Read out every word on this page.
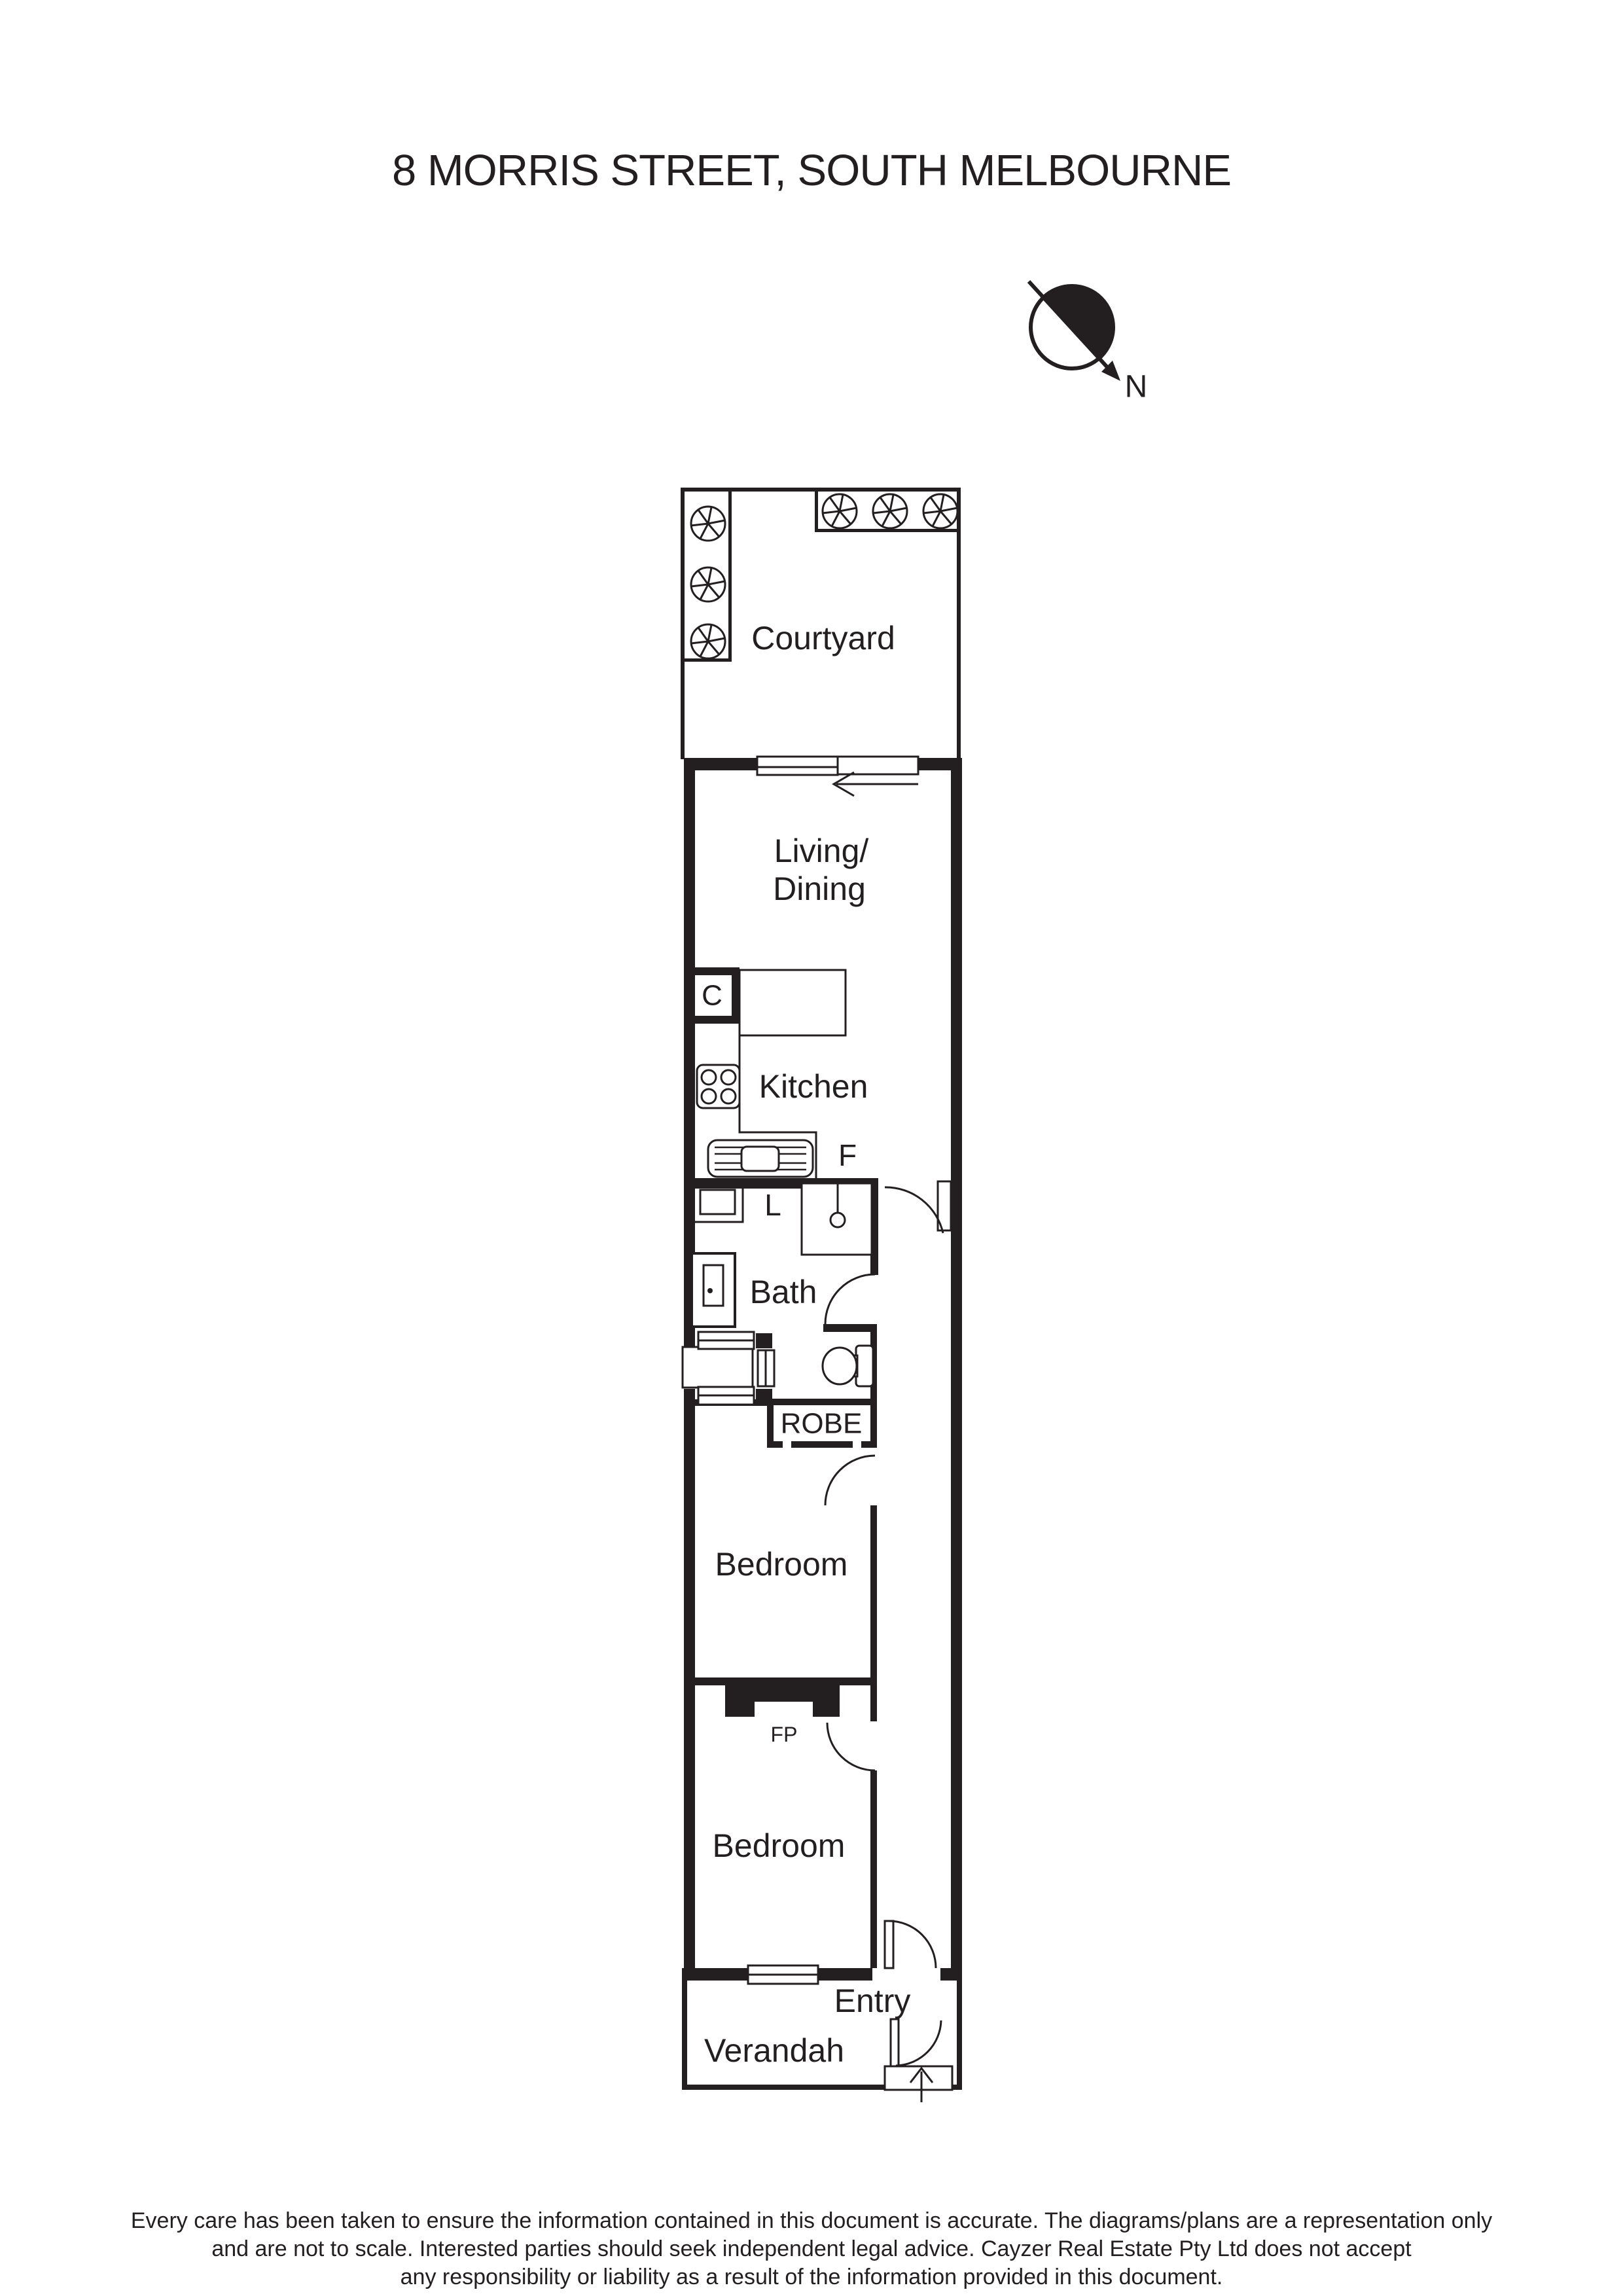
8 MORRIS STREET, SOUTH MELBOURNE
N
Courtyard
Living/
Dining
Kitchen
Bath
Bedroom
Bedroom
Entry
Verandah
C
L
F
ROBE
FP
Every care has been taken to ensure the information contained in this document is accurate. The diagrams/plans are a representation only
and are not to scale. Interested parties should seek independent legal advice. Cayzer Real Estate Pty Ltd does not accept
any responsibility or liability as a result of the information provided in this document.
